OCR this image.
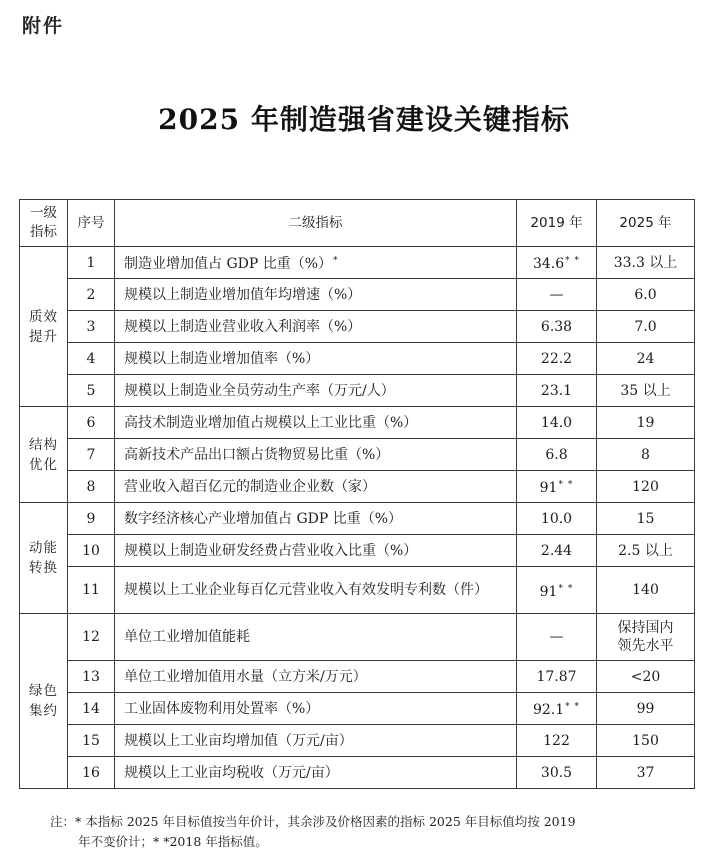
附件
2025 年制造强省建设关键指标
一级
指标	序号	二级指标	2019 年	2025 年
质效
提升	1	制造业增加值占 GDP 比重（%）*	34.6* *	33.3 以上
	2	规模以上制造业增加值年均增速（%）	—	6.0
	3	规模以上制造业营业收入利润率（%）	6.38	7.0
	4	规模以上制造业增加值率（%）	22.2	24
	5	规模以上制造业全员劳动生产率（万元/人）	23.1	35 以上
结构
优化	6	高技术制造业增加值占规模以上工业比重（%）	14.0	19
	7	高新技术产品出口额占货物贸易比重（%）	6.8	8
	8	营业收入超百亿元的制造业企业数（家）	91* *	120
动能
转换	9	数字经济核心产业增加值占 GDP 比重（%）	10.0	15
	10	规模以上制造业研发经费占营业收入比重（%）	2.44	2.5 以上
	11	规模以上工业企业每百亿元营业收入有效发明专利数（件）	91* *	140
绿色
集约	12	单位工业增加值能耗	—	保持国内
领先水平
	13	单位工业增加值用水量（立方米/万元）	17.87	<20
	14	工业固体废物利用处置率（%）	92.1* *	99
	15	规模以上工业亩均增加值（万元/亩）	122	150
	16	规模以上工业亩均税收（万元/亩）	30.5	37
注：* 本指标 2025 年目标值按当年价计，其余涉及价格因素的指标 2025 年目标值均按 2019
年不变价计；* *2018 年指标值。
